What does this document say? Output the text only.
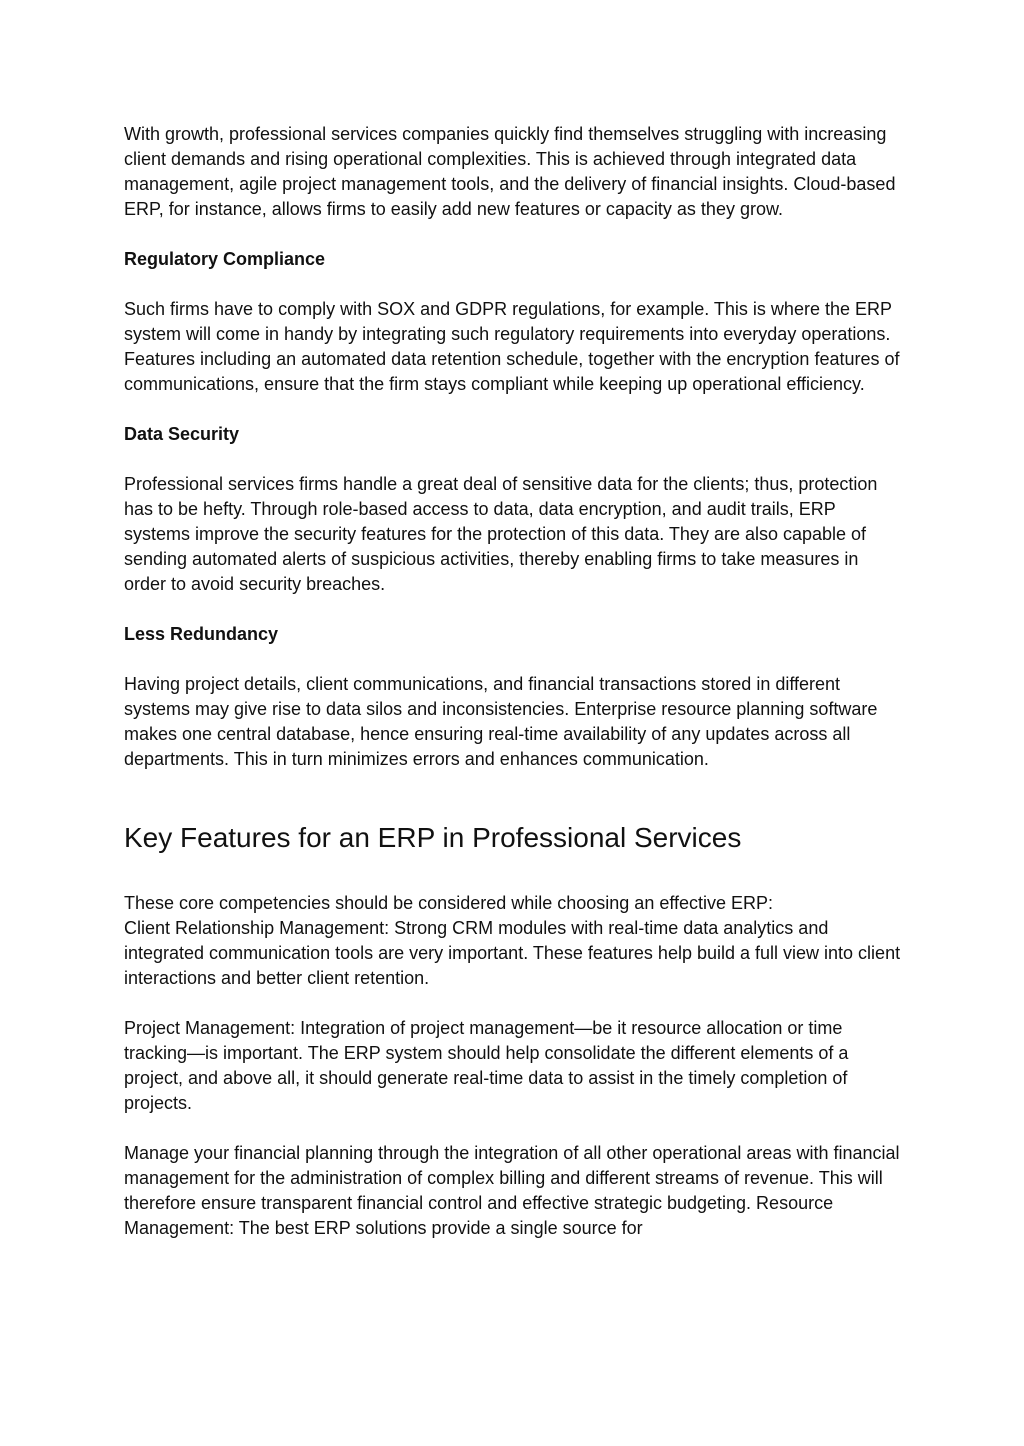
With growth, professional services companies quickly find themselves struggling with increasing client demands and rising operational complexities. This is achieved through integrated data management, agile project management tools, and the delivery of financial insights. Cloud-based ERP, for instance, allows firms to easily add new features or capacity as they grow.

Regulatory Compliance

Such firms have to comply with SOX and GDPR regulations, for example. This is where the ERP system will come in handy by integrating such regulatory requirements into everyday operations. Features including an automated data retention schedule, together with the encryption features of communications, ensure that the firm stays compliant while keeping up operational efficiency.

Data Security

Professional services firms handle a great deal of sensitive data for the clients; thus, protection has to be hefty. Through role-based access to data, data encryption, and audit trails, ERP systems improve the security features for the protection of this data. They are also capable of sending automated alerts of suspicious activities, thereby enabling firms to take measures in order to avoid security breaches.

Less Redundancy

Having project details, client communications, and financial transactions stored in different systems may give rise to data silos and inconsistencies. Enterprise resource planning software makes one central database, hence ensuring real-time availability of any updates across all departments. This in turn minimizes errors and enhances communication.

Key Features for an ERP in Professional Services

These core competencies should be considered while choosing an effective ERP:

Client Relationship Management: Strong CRM modules with real-time data analytics and integrated communication tools are very important. These features help build a full view into client interactions and better client retention.

Project Management: Integration of project management—be it resource allocation or time tracking—is important. The ERP system should help consolidate the different elements of a project, and above all, it should generate real-time data to assist in the timely completion of projects.

Manage your financial planning through the integration of all other operational areas with financial management for the administration of complex billing and different streams of revenue. This will therefore ensure transparent financial control and effective strategic budgeting. Resource Management: The best ERP solutions provide a single source for
